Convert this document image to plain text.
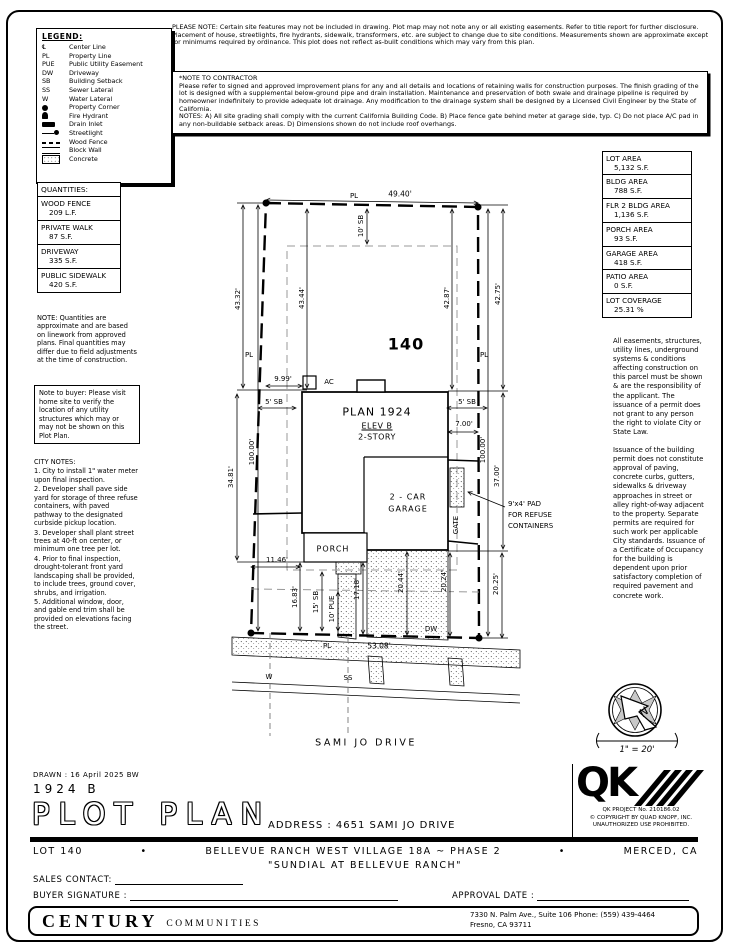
LEGEND:
℄	Center Line
PL	Property Line
PUE	Public Utility Easement
DW	Driveway
SB	Building Setback
SS	Sewer Lateral
W	Water Lateral
Property Corner
Fire Hydrant
Drain Inlet
Streetlight
Wood Fence
Block Wall
Concrete
PLEASE NOTE: Certain site features may not be included in drawing. Plot map may not note any or all existing easements. Refer to title report for further disclosure. Placement of house, streetlights, fire hydrants, sidewalk, transformers, etc. are subject to change due to site conditions. Measurements shown are approximate except for minimums required by ordinance. This plot does not reflect as-built conditions which may vary from this plan.

*NOTE TO CONTRACTOR

Please refer to signed and approved improvement plans for any and all details and locations of retaining walls for construction purposes. The finish grading of the lot is designed with a supplemental below-ground pipe and drain installation. Maintenance and preservation of both swale and drainage pipeline is required by homeowner indefinitely to provide adequate lot drainage. Any modification to the drainage system shall be designed by a Licensed Civil Engineer by the State of California.

NOTES: A) All site grading shall comply with the current California Building Code. B) Place fence gate behind meter at garage side, typ. C) Do not place A/C pad in any non-buildable setback areas. D) Dimensions shown do not include roof overhangs.

QUANTITIES:
WOOD FENCE
209 L.F.
PRIVATE WALK
87 S.F.
DRIVEWAY
335 S.F.
PUBLIC SIDEWALK
420 S.F.
NOTE: Quantities are approximate and are based on linework from approved plans. Final quantities may differ due to field adjustments at the time of construction.
Note to buyer: Please visit home site to verify the location of any utility structures which may or may not be shown on this Plot Plan.

CITY NOTES:

1. City to install 1" water meter upon final inspection.

2. Developer shall pave side yard for storage of three refuse containers, with paved pathway to the designated curbside pickup location.

3. Developer shall plant street trees at 40-ft on center, or minimum one tree per lot.

4. Prior to final inspection, drought-tolerant front yard landscaping shall be provided, to include trees, ground cover, shrubs, and irrigation.

5. Additional window, door, and gable end trim shall be provided on elevations facing the street.

LOT AREA
5,132 S.F.
BLDG AREA
788 S.F.
FLR 2 BLDG AREA
1,136 S.F.
PORCH AREA
93 S.F.
GARAGE AREA
418 S.F.
PATIO AREA
0 S.F.
LOT COVERAGE
25.31 %

All easements, structures, utility lines, underground systems & conditions affecting construction on this parcel must be shown & are the responsibility of the applicant. The issuance of a permit does not grant to any person the right to violate City or State Law.

Issuance of the building permit does not constitute approval of paving, concrete curbs, gutters, sidewalks & driveway approaches in street or alley right-of-way adjacent to the property. Separate permits are required for such work per applicable City standards. Issuance of a Certificate of Occupancy for the building is dependent upon prior satisfactory completion of required pavement and concrete work.

49.40'
PL
10' SB
43.32'	43.44'	42.87'	42.75'
140
PL	PL
9.99'	AC
5' SB	5' SB
PLAN 1924
ELEV B
2-STORY
7.00'
100.00'
34.81'
100.00'
37.00'
2 - CAR
GARAGE
GATE
9'x4' PAD
FOR REFUSE
CONTAINERS
PORCH
11.46'
16.83' 15' SB 10' PUE
17.18'	20.44'	20.24'	20.25'
DW
PL	53.08'
W	SS
SAMI JO DRIVE
N
1" = 20'
DRAWN : 16 April 2025 BW
1924 B
PLOT PLAN
ADDRESS : 4651 SAMI JO DRIVE
QK
QK PROJECT No. 210186.02
© COPYRIGHT BY QUAD KNOPF, INC.
UNAUTHORIZED USE PROHIBITED.
LOT 140	•	BELLEVUE RANCH WEST VILLAGE 18A ~ PHASE 2	•	MERCED, CA
"SUNDIAL AT BELLEVUE RANCH"
SALES CONTACT:
BUYER SIGNATURE :	APPROVAL DATE :
CENTURY COMMUNITIES
7330 N. Palm Ave., Suite 106 Phone: (559) 439-4464
Fresno, CA 93711
